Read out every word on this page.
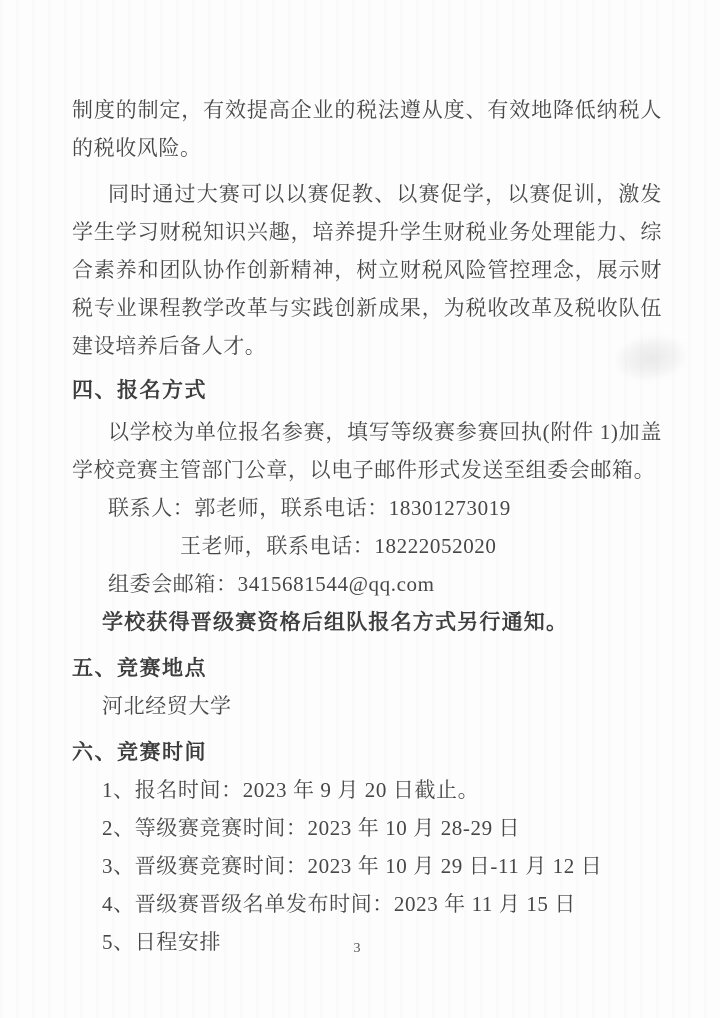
制度的制定，有效提高企业的税法遵从度、有效地降低纳税人的税收风险。

同时通过大赛可以以赛促教、以赛促学，以赛促训，激发学生学习财税知识兴趣，培养提升学生财税业务处理能力、综合素养和团队协作创新精神，树立财税风险管控理念，展示财税专业课程教学改革与实践创新成果，为税收改革及税收队伍建设培养后备人才。

四、报名方式

以学校为单位报名参赛，填写等级赛参赛回执(附件 1)加盖学校竞赛主管部门公章，以电子邮件形式发送至组委会邮箱。

联系人：郭老师，联系电话：18301273019

王老师，联系电话：18222052020

组委会邮箱：3415681544@qq.com

学校获得晋级赛资格后组队报名方式另行通知。

五、竞赛地点

河北经贸大学

六、竞赛时间

1、报名时间：2023 年 9 月 20 日截止。

2、等级赛竞赛时间：2023 年 10 月 28-29 日

3、晋级赛竞赛时间：2023 年 10 月 29 日-11 月 12 日

4、晋级赛晋级名单发布时间：2023 年 11 月 15 日

5、日程安排	3
